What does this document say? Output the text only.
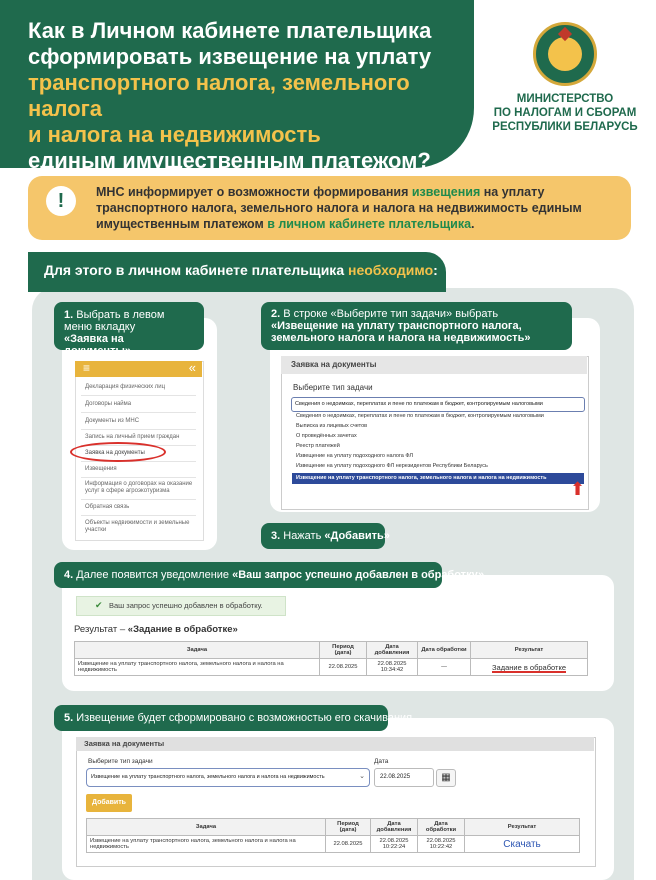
Как в Личном кабинете плательщика
сформировать извещение на уплату
транспортного налога, земельного налога
и налога на недвижимость
единым имущественным платежом?
МИНИСТЕРСТВО
ПО НАЛОГАМ И СБОРАМ
РЕСПУБЛИКИ БЕЛАРУСЬ
!	МНС информирует о возможности формирования извещения на уплату транспортного налога, земельного налога и налога на недвижимость единым имущественным платежом в личном кабинете плательщика.
Для этого в личном кабинете плательщика необходимо:
1. Выбрать в левом меню вкладку
«Заявка на документы»
≡	«
Декларация физических лиц
Договоры найма
Документы из МНС
Запись на личный прием граждан
Заявка на документы
Извещения
Информация о договорах на оказание услуг в сфере агроэкотуризма
Обратная связь
Объекты недвижимости и земельные участки
2. В строке «Выберите тип задачи» выбрать «Извещение на уплату транспортного налога, земельного налога и налога на недвижимость»
Заявка на документы
Выберите тип задачи
Сведения о недоимках, переплатах и пене по платежам в бюджет, контролируемым налоговыми
Сведения о недоимках, переплатах и пене по платежам в бюджет, контролируемым налоговыми
Выписка из лицевых счетов
О проведённых зачетах
Реестр платежей
Извещение на уплату подоходного налога ФЛ
Извещение на уплату подоходного ФЛ нерезидентов Республики Беларусь
Извещение на уплату транспортного налога, земельного налога и налога на недвижимость
⬆
3. Нажать «Добавить»
4. Далее появится уведомление «Ваш запрос успешно добавлен в обработку»
✔ Ваш запрос успешно добавлен в обработку.
Результат – «Задание в обработке»
Задача	Период (дата)	Дата добавления	Дата обработки	Результат
Извещение на уплату транспортного налога, земельного налога и налога на недвижимость	22.08.2025	22.08.2025 10:34:42	—	Задание в обработке
5. Извещение будет сформировано с возможностью его скачивания
Заявка на документы
Выберите тип задачи
Извещение на уплату транспортного налога, земельного налога и налога на недвижимость	⌄
Дата
22.08.2025	▦
Добавить
Задача	Период (дата)	Дата добавления	Дата обработки	Результат
Извещение на уплату транспортного налога, земельного налога и налога на недвижимость	22.08.2025	22.08.2025 10:22:24	22.08.2025 10:22:42	Скачать
